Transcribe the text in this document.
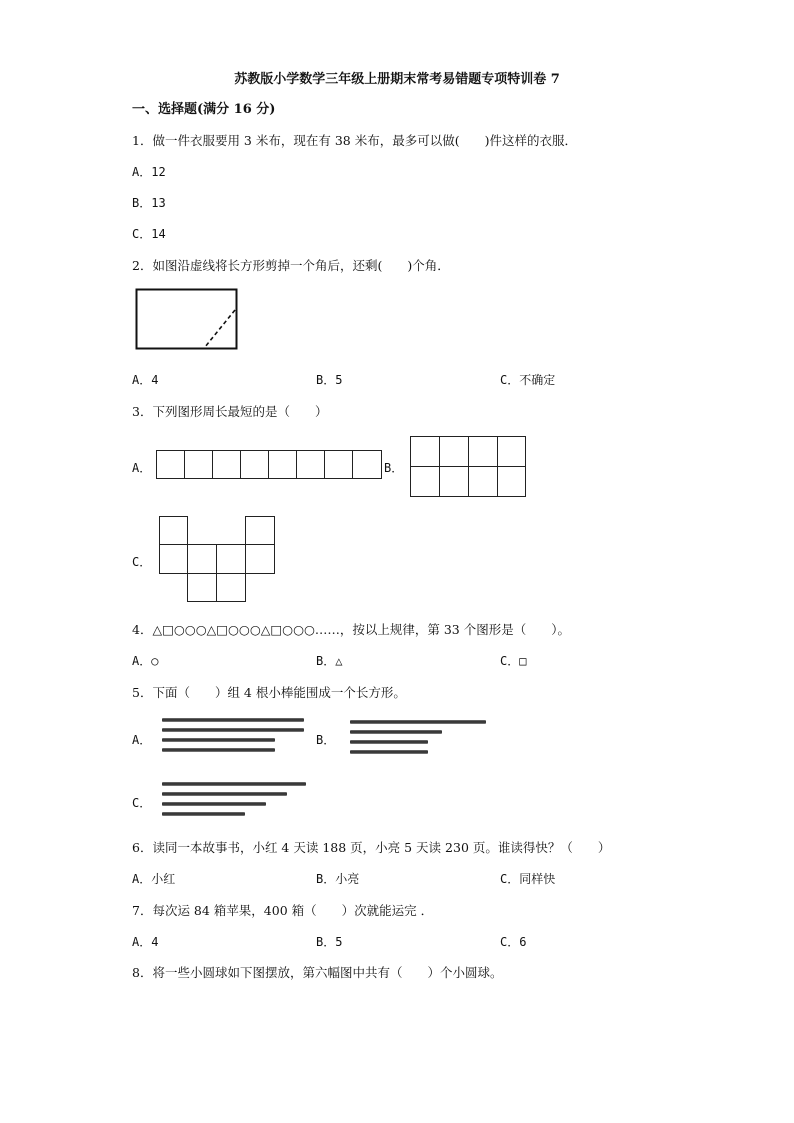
苏教版小学数学三年级上册期末常考易错题专项特训卷 7
一、选择题(满分 16 分)
1．做一件衣服要用 3 米布，现在有 38 米布，最多可以做(　　)件这样的衣服．
A．12
B．13
C．14
2．如图沿虚线将长方形剪掉一个角后，还剩(　　)个角．
A．4	B．5	C．不确定
3．下列图形周长最短的是（　　）
A．	B．
C．
4．△□○○○△□○○○△□○○○……，按以上规律，第 33 个图形是（　　）。
A．○	B．△	C．□
5．下面（　　）组 4 根小棒能围成一个长方形。
A．	B．
C．
6．读同一本故事书，小红 4 天读 188 页，小亮 5 天读 230 页。谁读得快？（　　）
A．小红	B．小亮	C．同样快
7．每次运 84 箱苹果，400 箱（　　）次就能运完 ．
A．4	B．5	C．6
8．将一些小圆球如下图摆放，第六幅图中共有（　　）个小圆球。
